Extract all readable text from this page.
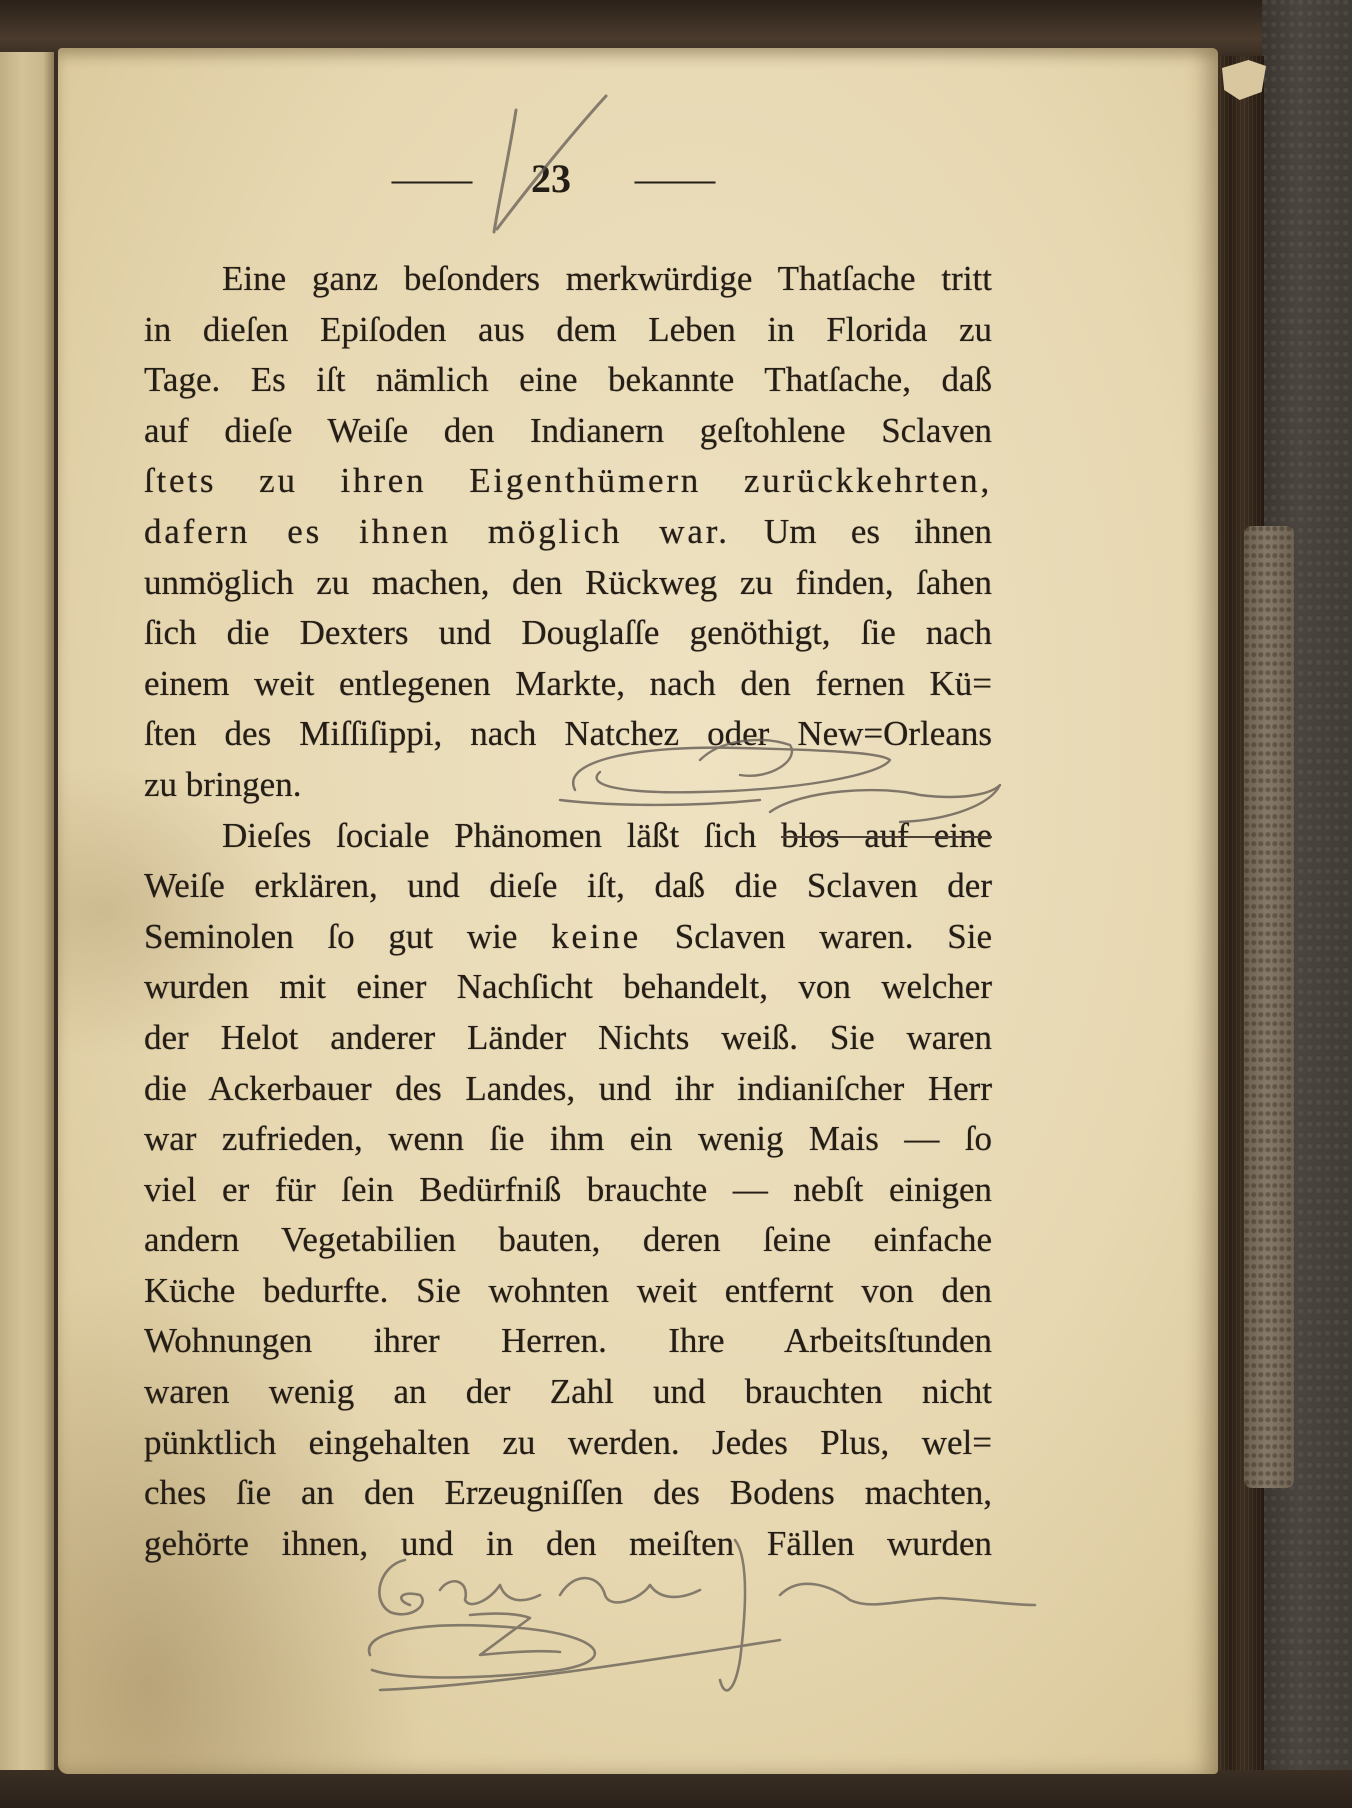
— 23 —
Eine ganz beſonders merkwürdige Thatſache tritt
in dieſen Epiſoden aus dem Leben in Florida zu
Tage. Es iſt nämlich eine bekannte Thatſache, daß
auf dieſe Weiſe den Indianern geſtohlene Sclaven
ſtets zu ihren Eigenthümern zurückkehrten,
dafern es ihnen möglich war. Um es ihnen
unmöglich zu machen, den Rückweg zu finden, ſahen
ſich die Dexters und Douglaſſe genöthigt, ſie nach
einem weit entlegenen Markte, nach den fernen Kü=
ſten des Miſſiſippi, nach Natchez oder New=Orleans
zu bringen.
Dieſes ſociale Phänomen läßt ſich blos auf eine
Weiſe erklären, und dieſe iſt, daß die Sclaven der
Seminolen ſo gut wie keine Sclaven waren. Sie
wurden mit einer Nachſicht behandelt, von welcher
der Helot anderer Länder Nichts weiß. Sie waren
die Ackerbauer des Landes, und ihr indianiſcher Herr
war zufrieden, wenn ſie ihm ein wenig Mais — ſo
viel er für ſein Bedürfniß brauchte — nebſt einigen
andern Vegetabilien bauten, deren ſeine einfache
Küche bedurfte. Sie wohnten weit entfernt von den
Wohnungen ihrer Herren. Ihre Arbeitsſtunden
waren wenig an der Zahl und brauchten nicht
pünktlich eingehalten zu werden. Jedes Plus, wel=
ches ſie an den Erzeugniſſen des Bodens machten,
gehörte ihnen, und in den meiſten Fällen wurden
